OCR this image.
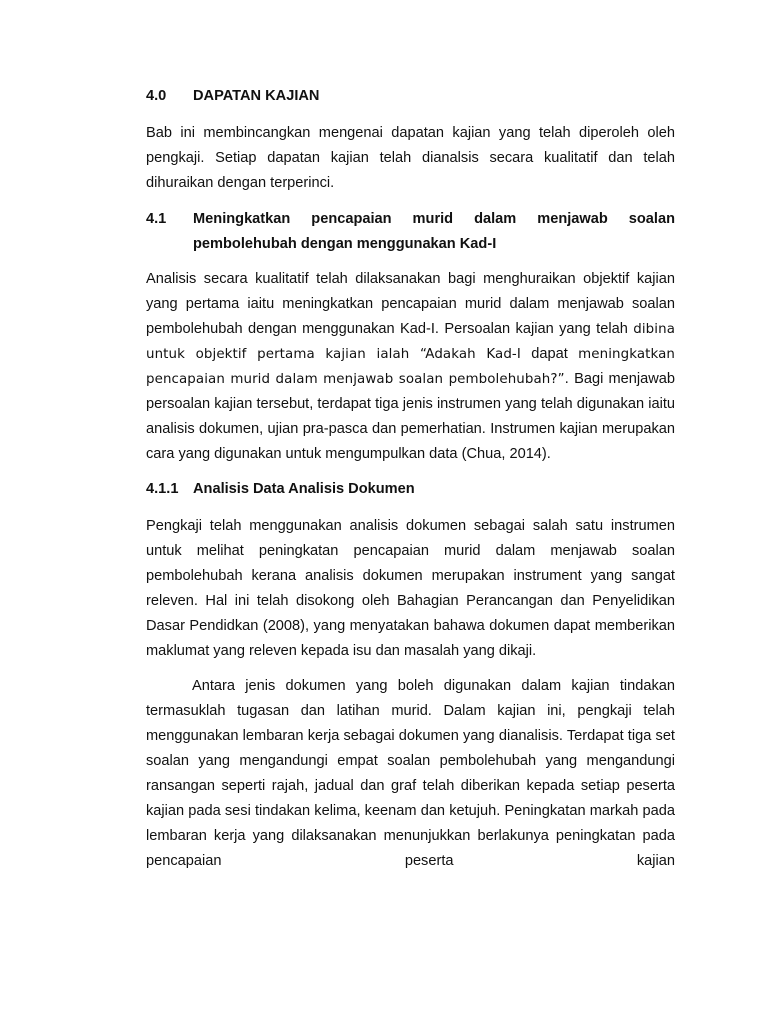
4.0	DAPATAN KAJIAN

Bab ini membincangkan mengenai dapatan kajian yang telah diperoleh oleh pengkaji. Setiap dapatan kajian telah dianalsis secara kualitatif dan telah dihuraikan dengan terperinci.

4.1	Meningkatkan pencapaian murid dalam menjawab soalan pembolehubah dengan menggunakan Kad-I

Analisis secara kualitatif telah dilaksanakan bagi menghuraikan objektif kajian yang pertama iaitu meningkatkan pencapaian murid dalam menjawab soalan pembolehubah dengan menggunakan Kad-I. Persoalan kajian yang telah dibina untuk objektif pertama kajian ialah “Adakah Kad-I dapat meningkatkan pencapaian murid dalam menjawab soalan pembolehubah?”. Bagi menjawab persoalan kajian tersebut, terdapat tiga jenis instrumen yang telah digunakan iaitu analisis dokumen, ujian pra-pasca dan pemerhatian. Instrumen kajian merupakan cara yang digunakan untuk mengumpulkan data (Chua, 2014).

4.1.1 Analisis Data Analisis Dokumen

Pengkaji telah menggunakan analisis dokumen sebagai salah satu instrumen untuk melihat peningkatan pencapaian murid dalam menjawab soalan pembolehubah kerana analisis dokumen merupakan instrument yang sangat releven. Hal ini telah disokong oleh Bahagian Perancangan dan Penyelidikan Dasar Pendidkan (2008), yang menyatakan bahawa dokumen dapat memberikan maklumat yang releven kepada isu dan masalah yang dikaji.

Antara jenis dokumen yang boleh digunakan dalam kajian tindakan termasuklah tugasan dan latihan murid. Dalam kajian ini, pengkaji telah menggunakan lembaran kerja sebagai dokumen yang dianalisis. Terdapat tiga set soalan yang mengandungi empat soalan pembolehubah yang mengandungi ransangan seperti rajah, jadual dan graf telah diberikan kepada setiap peserta kajian pada sesi tindakan kelima, keenam dan ketujuh. Peningkatan markah pada lembaran kerja yang dilaksanakan menunjukkan berlakunya peningkatan pada pencapaian peserta kajian
